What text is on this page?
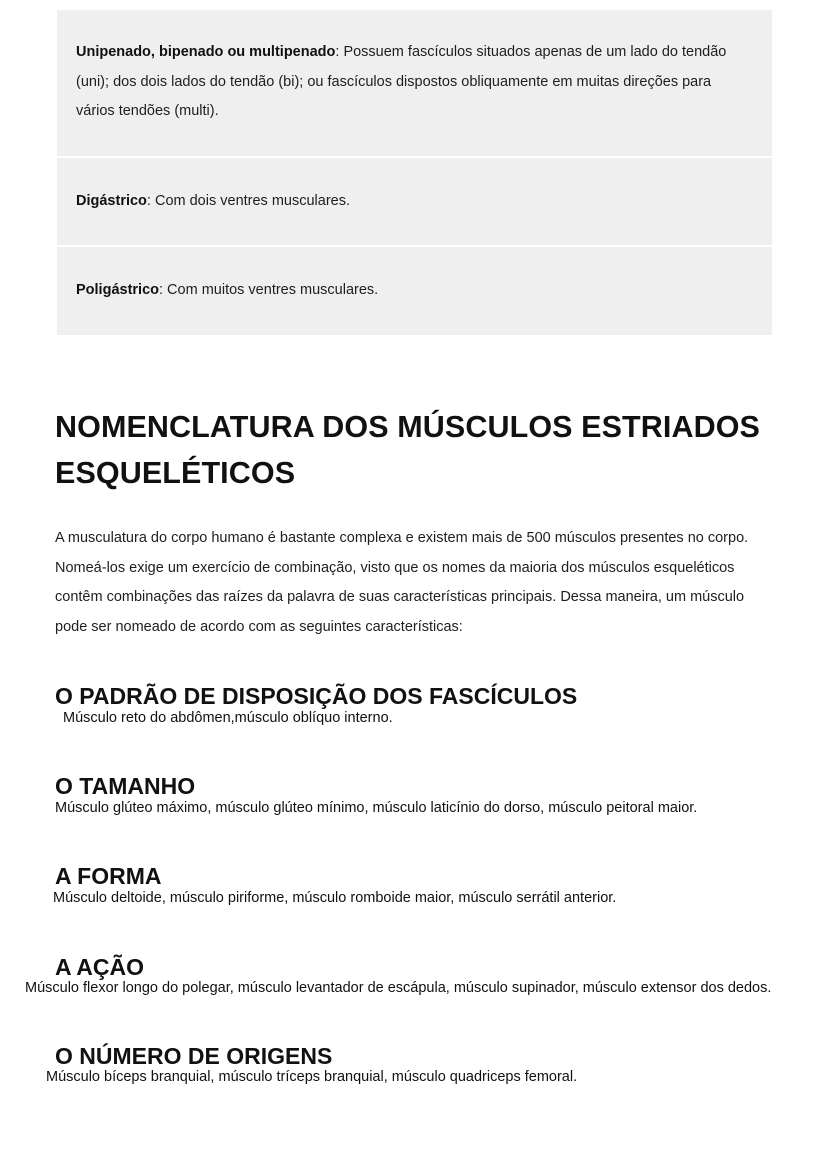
Unipenado, bipenado ou multipenado: Possuem fascículos situados apenas de um lado do tendão (uni); dos dois lados do tendão (bi); ou fascículos dispostos obliquamente em muitas direções para vários tendões (multi).
Digástrico: Com dois ventres musculares.
Poligástrico: Com muitos ventres musculares.
NOMENCLATURA DOS MÚSCULOS ESTRIADOS ESQUELÉTICOS

A musculatura do corpo humano é bastante complexa e existem mais de 500 músculos presentes no corpo. Nomeá-los exige um exercício de combinação, visto que os nomes da maioria dos músculos esqueléticos contêm combinações das raízes da palavra de suas características principais. Dessa maneira, um músculo pode ser nomeado de acordo com as seguintes características:

O PADRÃO DE DISPOSIÇÃO DOS FASCÍCULOS

Músculo reto do abdômen,músculo oblíquo interno.

O TAMANHO

Músculo glúteo máximo, músculo glúteo mínimo, músculo laticínio do dorso, músculo peitoral maior.

A FORMA

Músculo deltoide, músculo piriforme, músculo romboide maior, músculo serrátil anterior.

A AÇÃO

Músculo flexor longo do polegar, músculo levantador de escápula, músculo supinador, músculo extensor dos dedos.

O NÚMERO DE ORIGENS

Músculo bíceps branquial, músculo tríceps branquial, músculo quadriceps femoral.
